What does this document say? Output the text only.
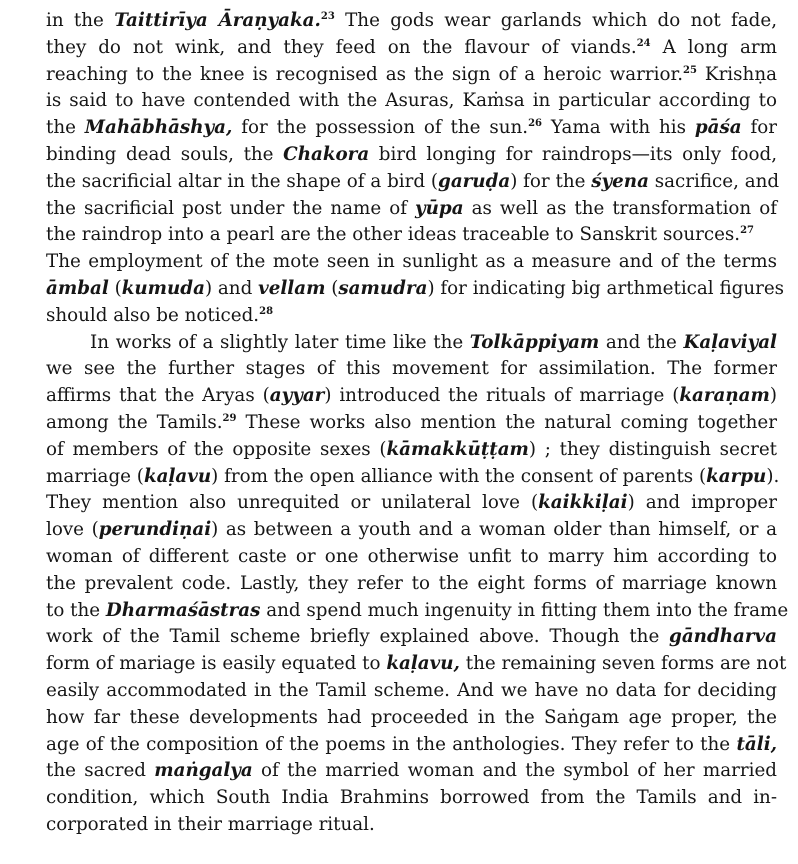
in the Taittirīya Āraṇyaka.$^{23}$ The gods wear garlands which do not fade,
they do not wink, and they feed on the flavour of viands.$^{24}$ A long arm
reaching to the knee is recognised as the sign of a heroic warrior.$^{25}$ Krishṇa
is said to have contended with the Asuras, Kaṁsa in particular according to
the Mahābhāshya, for the possession of the sun.$^{26}$ Yama with his pāśa for
binding dead souls, the Chakora bird longing for raindrops—its only food,
the sacrificial altar in the shape of a bird (garuḍa) for the śyena sacrifice, and
the sacrificial post under the name of yūpa as well as the transformation of
the raindrop into a pearl are the other ideas traceable to Sanskrit sources.$^{27}$
The employment of the mote seen in sunlight as a measure and of the terms
āmbal (kumuda) and vellam (samudra) for indicating big arthmetical figures
should also be noticed.$^{28}$
In works of a slightly later time like the Tolkāppiyam and the Kaḷaviyal
we see the further stages of this movement for assimilation. The former
affirms that the Aryas (ayyar) introduced the rituals of marriage (karaṇam)
among the Tamils.$^{29}$ These works also mention the natural coming together
of members of the opposite sexes (kāmakkūṭṭam) ; they distinguish secret
marriage (kaḷavu) from the open alliance with the consent of parents (karpu).
They mention also unrequited or unilateral love (kaikkiḷai) and improper
love (perundiṇai) as between a youth and a woman older than himself, or a
woman of different caste or one otherwise unfit to marry him according to
the prevalent code. Lastly, they refer to the eight forms of marriage known
to the Dharmaśāstras and spend much ingenuity in fitting them into the frame
work of the Tamil scheme briefly explained above. Though the gāndharva
form of mariage is easily equated to kaḷavu, the remaining seven forms are not
easily accommodated in the Tamil scheme. And we have no data for deciding
how far these developments had proceeded in the Saṅgam age proper, the
age of the composition of the poems in the anthologies. They refer to the tāli,
the sacred maṅgalya of the married woman and the symbol of her married
condition, which South India Brahmins borrowed from the Tamils and in-
corporated in their marriage ritual.
